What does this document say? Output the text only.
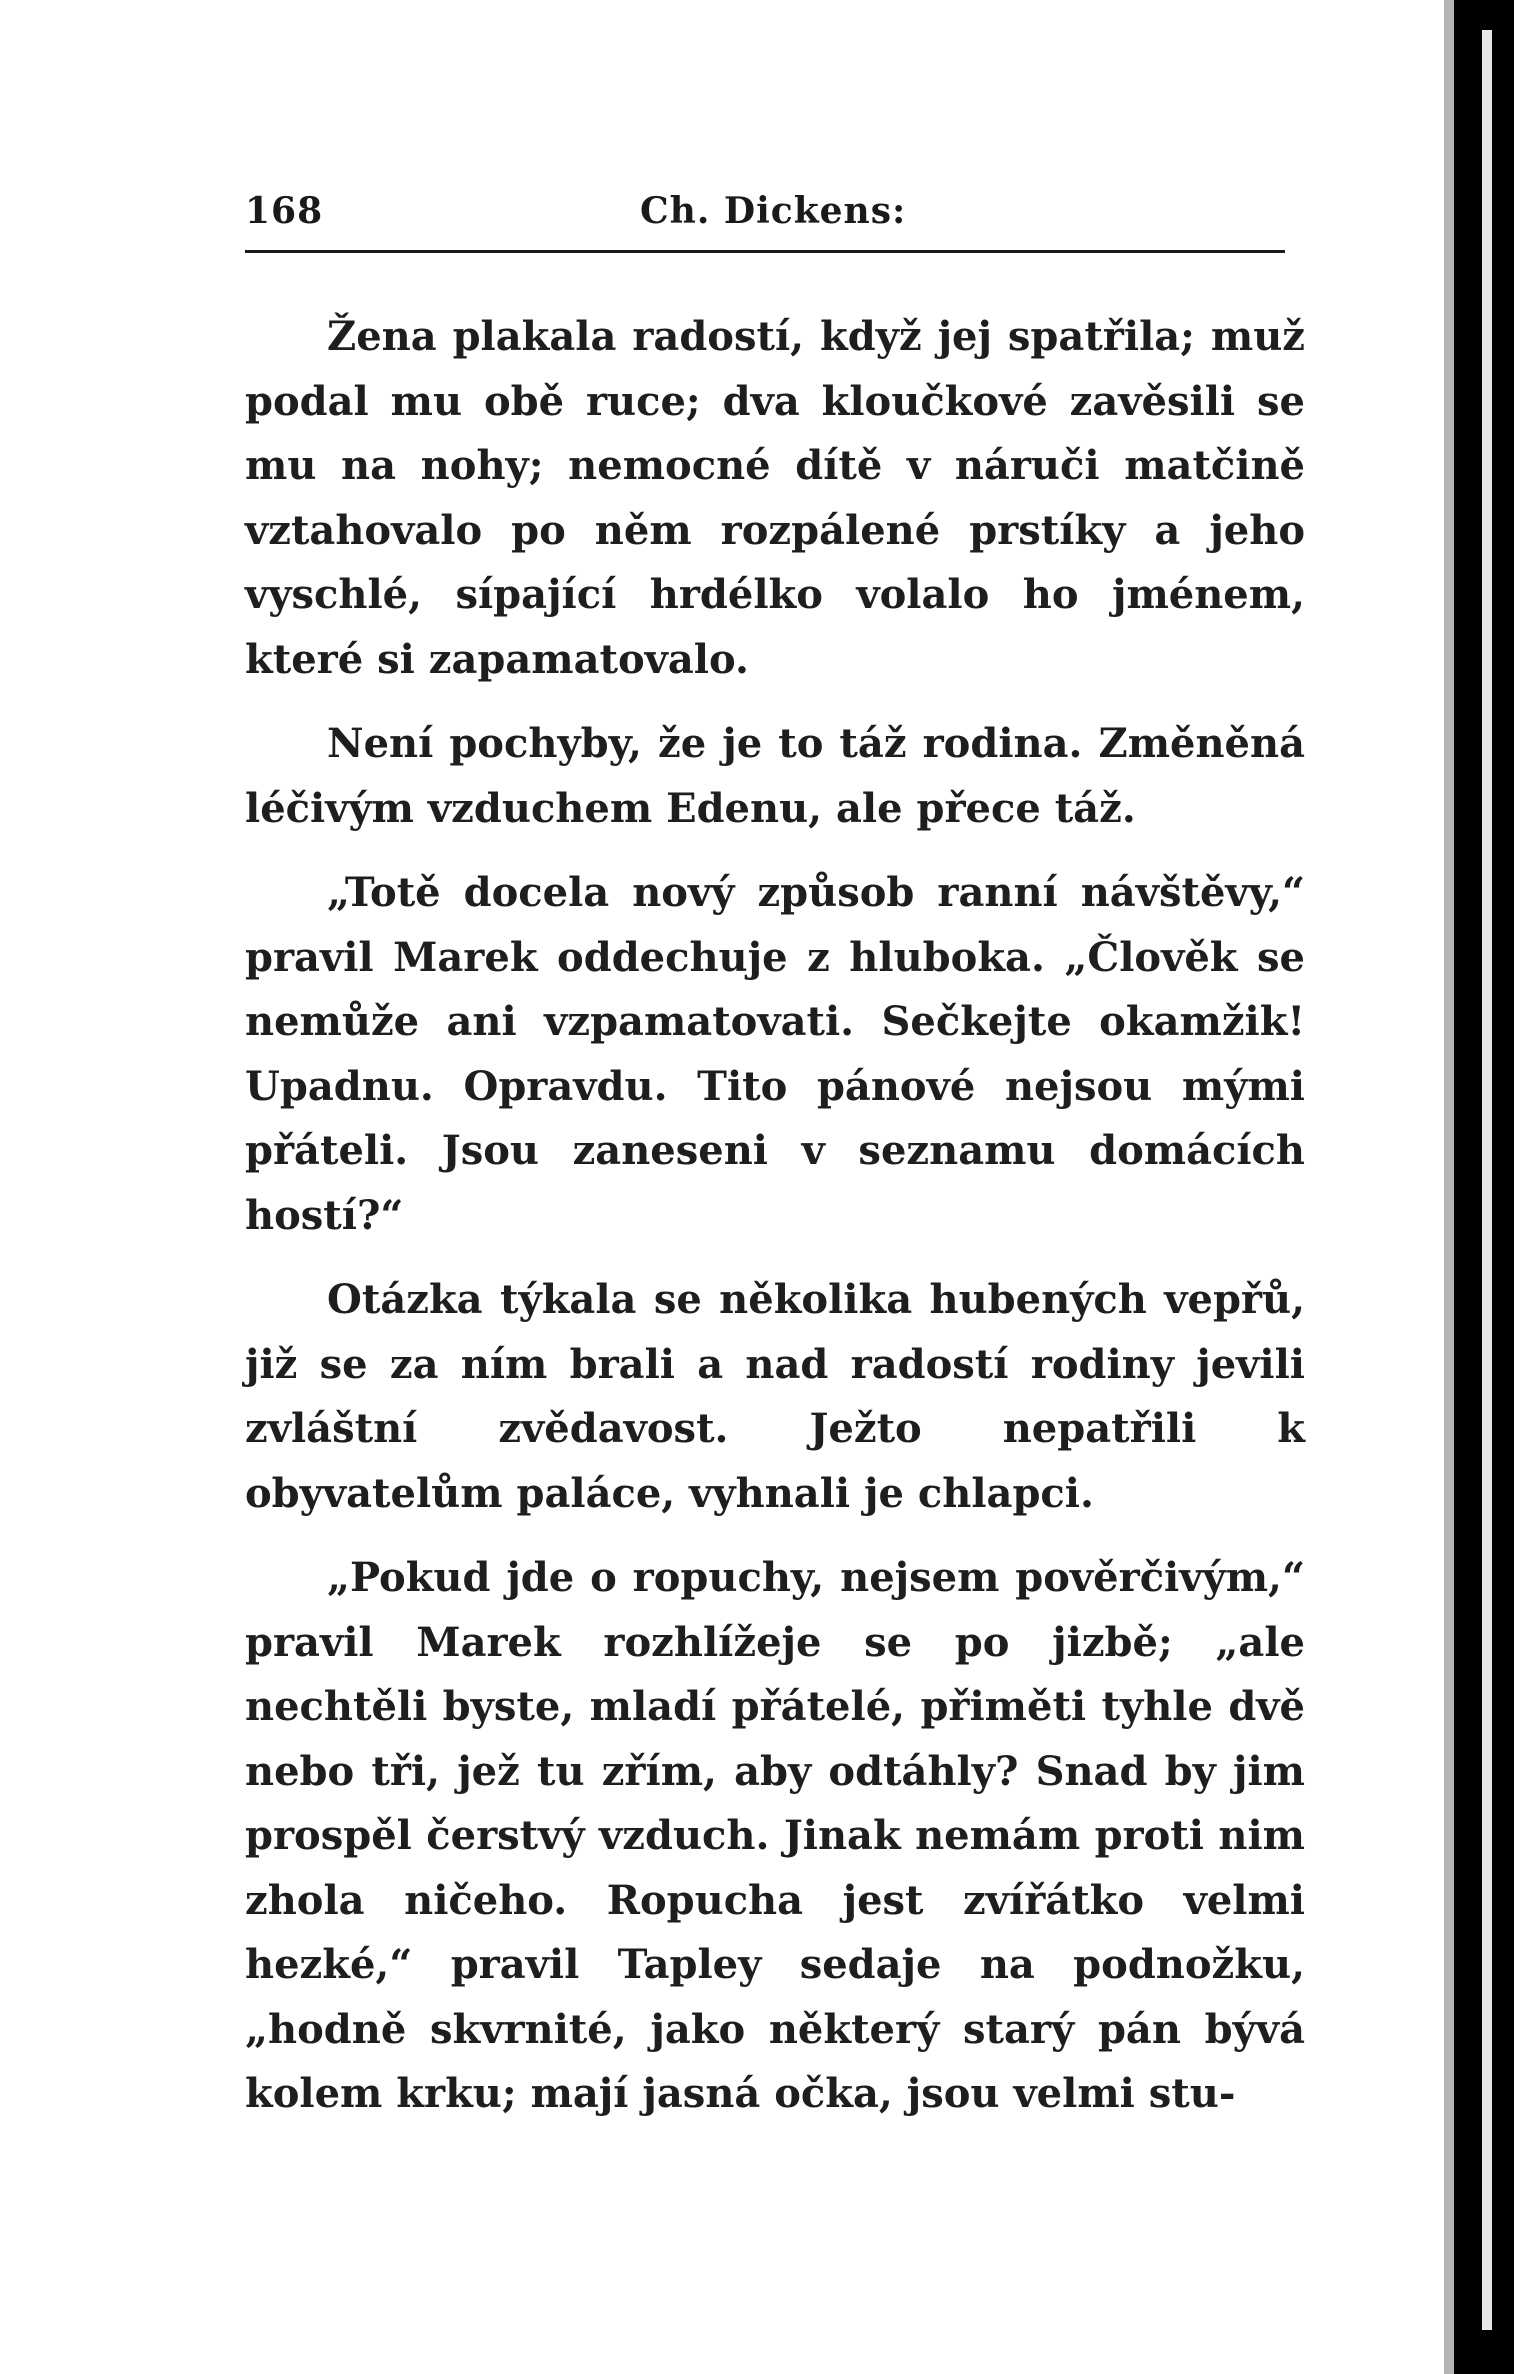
168	Ch. Dickens:

Žena plakala radostí, když jej spatřila; muž podal mu obě ruce; dva klоučkové zavěsili se mu na nohy; nemocné dítě v náruči matčině vztahovalo po něm rozpálené prstíky a jeho vyschlé, sípající hrdélko volalo ho jménem, které si zapamatovalo.

Není pochyby, že je to táž rodina. Změněná léčivým vzduchem Edenu, ale přece táž.

„Totě docela nový způsob ranní návštěvy,“ pravil Marek oddechuje z hluboka. „Člověk se nemůže ani vzpamatovati. Sečkejte okamžik! Upadnu. Opravdu. Tito pánové nejsou mými přáteli. Jsou zaneseni v seznamu domácích hostí?“

Otázka týkala se několika hubených vepřů, již se za ním brali a nad radostí rodiny jevili zvláštní zvědavost. Ježto nepatřili k obyvatelům paláce, vyhnali je chlapci.

„Pokud jde o ropuchy, nejsem pověrčivým,“ pravil Marek rozhlížeje se po jizbě; „ale nechtěli byste, mladí přátelé, přiměti tyhle dvě nebo tři, jež tu zřím, aby odtáhly? Snad by jim prospěl čerstvý vzduch. Jinak nemám proti nim zhola ničeho. Ropucha jest zvířátko velmi hezké,“ pravil Tapley sedaje na podnožku, „hodně skvrnité, jako některý starý pán bývá kolem krku; mají jasná očka, jsou velmi stu-
